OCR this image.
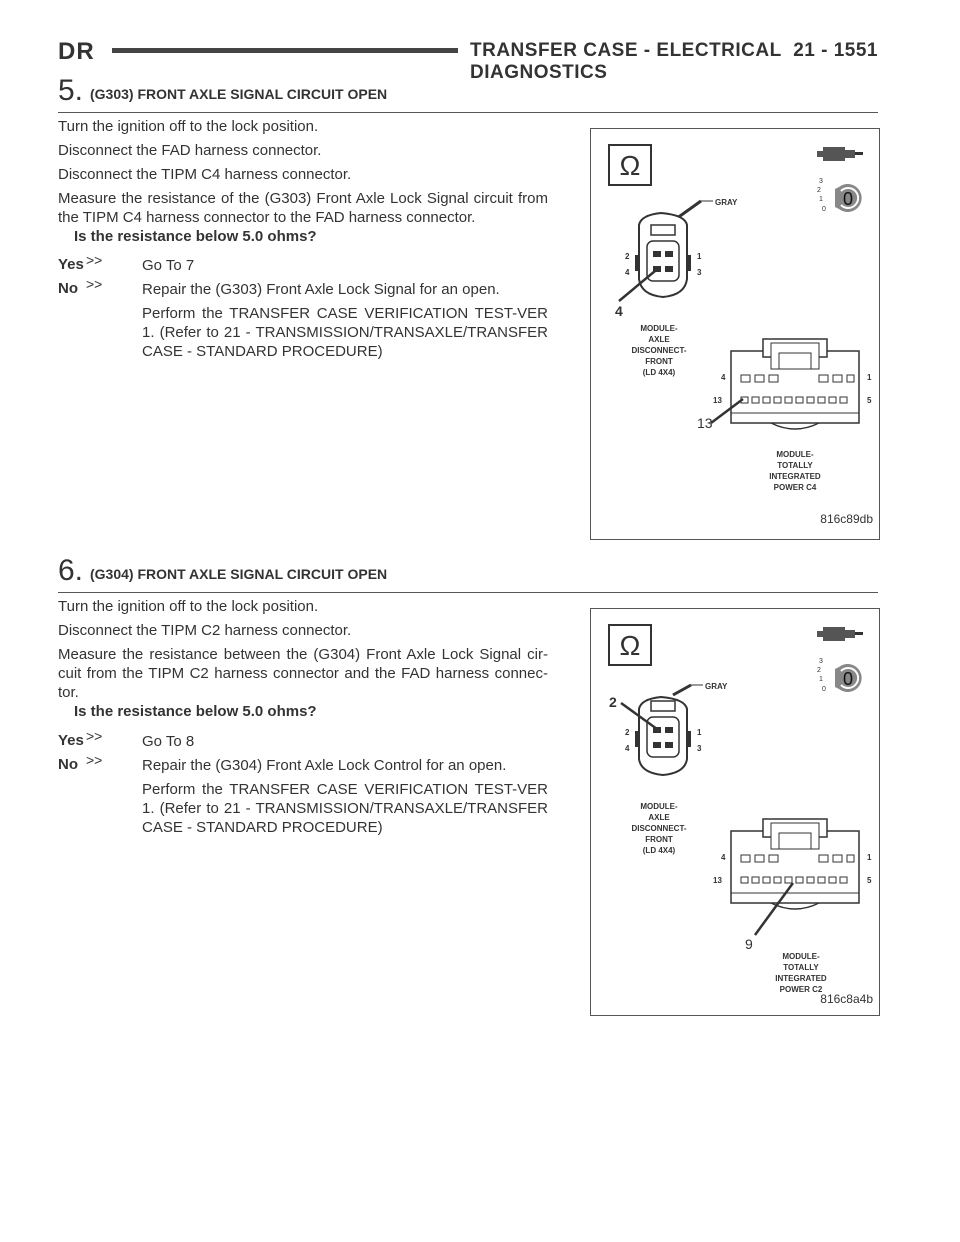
DR	TRANSFER CASE - ELECTRICAL DIAGNOSTICS
21 - 1551
5. (G303) FRONT AXLE SIGNAL CIRCUIT OPEN
Turn the ignition off to the lock position.
Disconnect the FAD harness connector.
Disconnect the TIPM C4 harness connector.
Measure the resistance of the (G303) Front Axle Lock Signal circuit from the TIPM C4 harness connector to the FAD harness connector.
Is the resistance below 5.0 ohms?
Yes >>	Go To 7
No >>	Repair the (G303) Front Axle Lock Signal for an open.
Perform the TRANSFER CASE VERIFICATION TEST-VER 1. (Refer to 21 - TRANSMISSION/TRANSAXLE/TRANSFER CASE - STANDARD PROCEDURE)
Ω
3
2
1
0
0
GRAY
2	1
4	3
4
MODULE-
AXLE
DISCONNECT-
FRONT
(LD 4X4)
4	1
13	5
13
MODULE-
TOTALLY
INTEGRATED
POWER C4
816c89db
6. (G304) FRONT AXLE SIGNAL CIRCUIT OPEN
Turn the ignition off to the lock position.
Disconnect the TIPM C2 harness connector.
Measure the resistance between the (G304) Front Axle Lock Signal cir-cuit from the TIPM C2 harness connector and the FAD harness connec-tor.
Is the resistance below 5.0 ohms?
Yes >>	Go To 8
No >>	Repair the (G304) Front Axle Lock Control for an open.
Perform the TRANSFER CASE VERIFICATION TEST-VER 1. (Refer to 21 - TRANSMISSION/TRANSAXLE/TRANSFER CASE - STANDARD PROCEDURE)
Ω
3
2
1
0
0
GRAY
2	1
4	3
2
MODULE-
AXLE
DISCONNECT-
FRONT
(LD 4X4)
4	1
13	5
9
MODULE-
TOTALLY
INTEGRATED
POWER C2
816c8a4b
